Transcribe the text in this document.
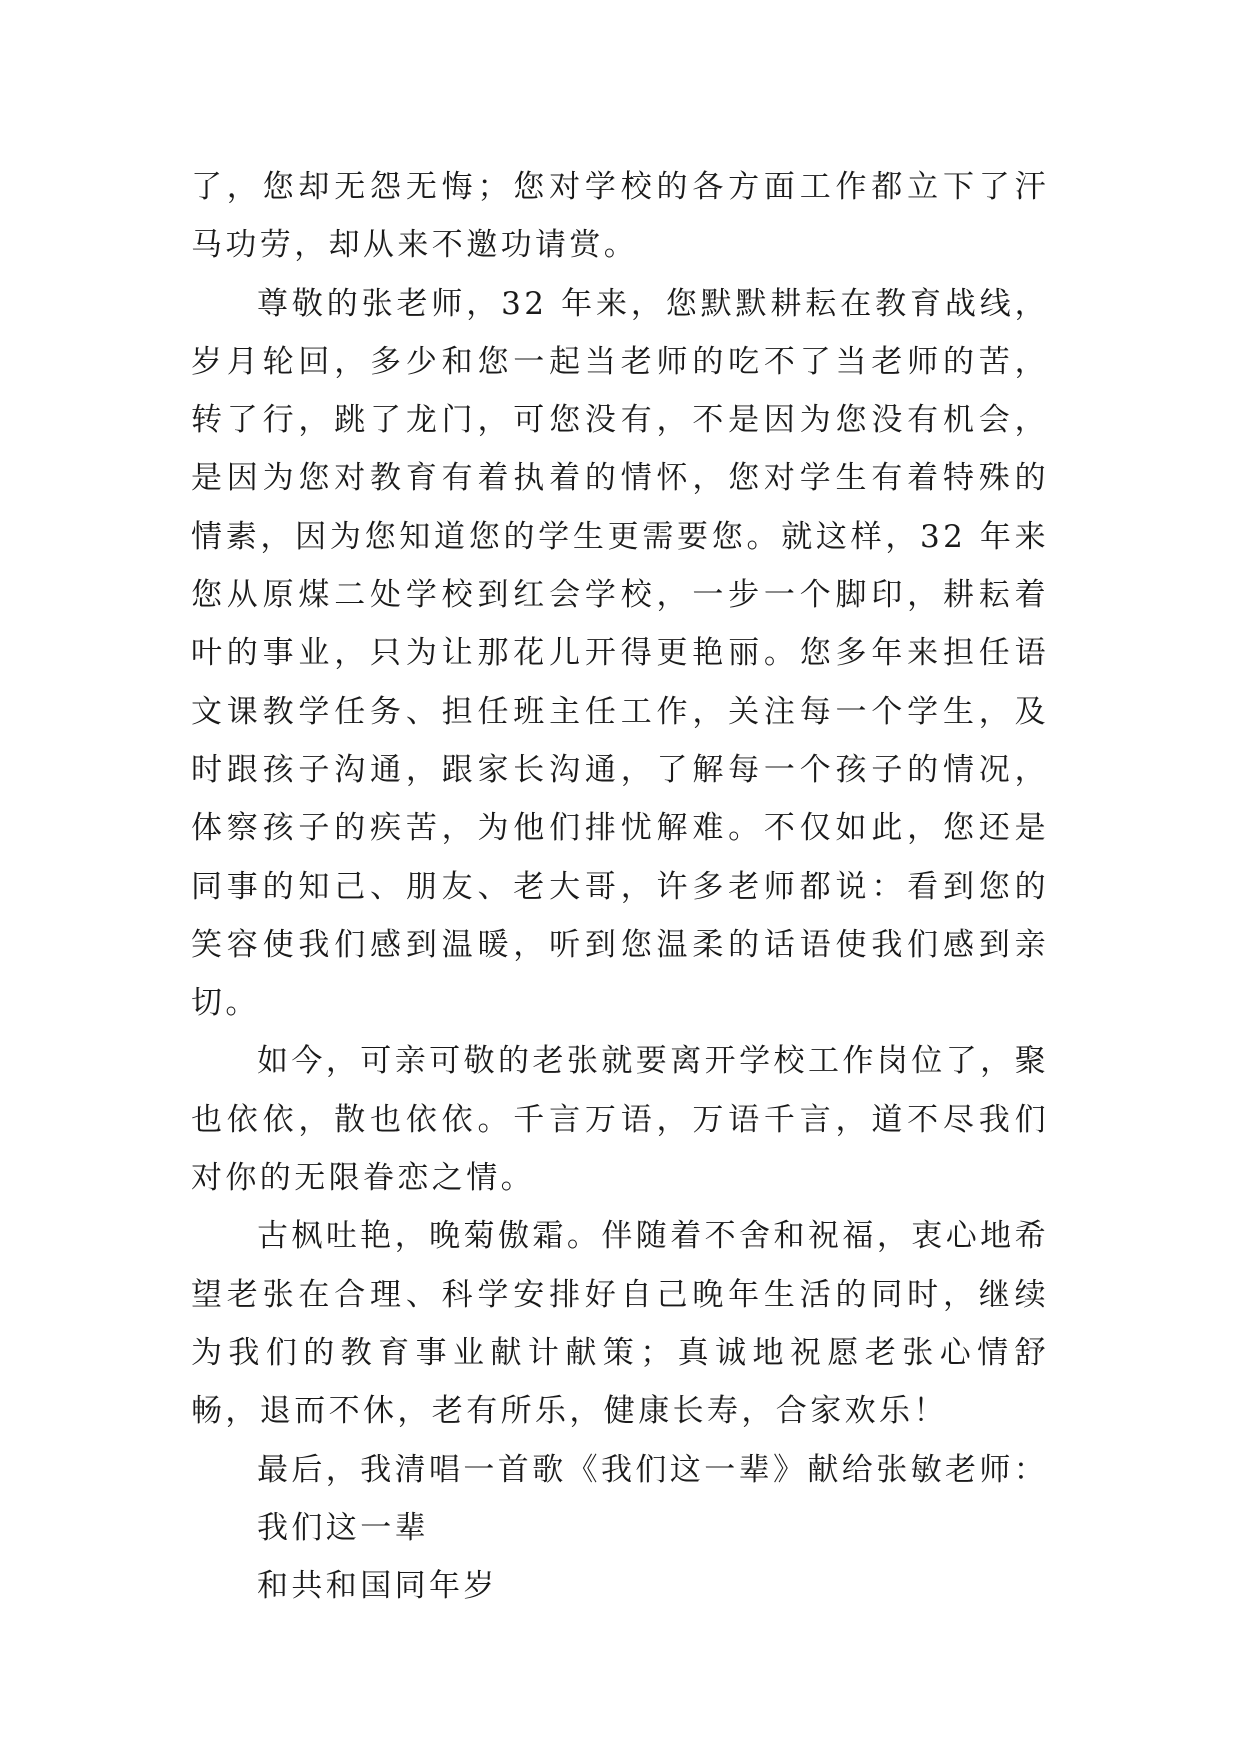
了，您却无怨无悔；您对学校的各方面工作都立下了汗马功劳，却从来不邀功请赏。

尊敬的张老师，32 年来，您默默耕耘在教育战线，岁月轮回，多少和您一起当老师的吃不了当老师的苦，转了行，跳了龙门，可您没有，不是因为您没有机会，是因为您对教育有着执着的情怀，您对学生有着特殊的情素，因为您知道您的学生更需要您。就这样，32 年来您从原煤二处学校到红会学校，一步一个脚印，耕耘着叶的事业，只为让那花儿开得更艳丽。您多年来担任语文课教学任务、担任班主任工作，关注每一个学生，及时跟孩子沟通，跟家长沟通，了解每一个孩子的情况，体察孩子的疾苦，为他们排忧解难。不仅如此，您还是同事的知己、朋友、老大哥，许多老师都说：看到您的笑容使我们感到温暖，听到您温柔的话语使我们感到亲切。

如今，可亲可敬的老张就要离开学校工作岗位了，聚也依依，散也依依。千言万语，万语千言，道不尽我们对你的无限眷恋之情。

古枫吐艳，晚菊傲霜。伴随着不舍和祝福，衷心地希望老张在合理、科学安排好自己晚年生活的同时，继续为我们的教育事业献计献策；真诚地祝愿老张心情舒畅，退而不休，老有所乐，健康长寿，合家欢乐！

最后，我清唱一首歌《我们这一辈》献给张敏老师：

我们这一辈

和共和国同年岁
